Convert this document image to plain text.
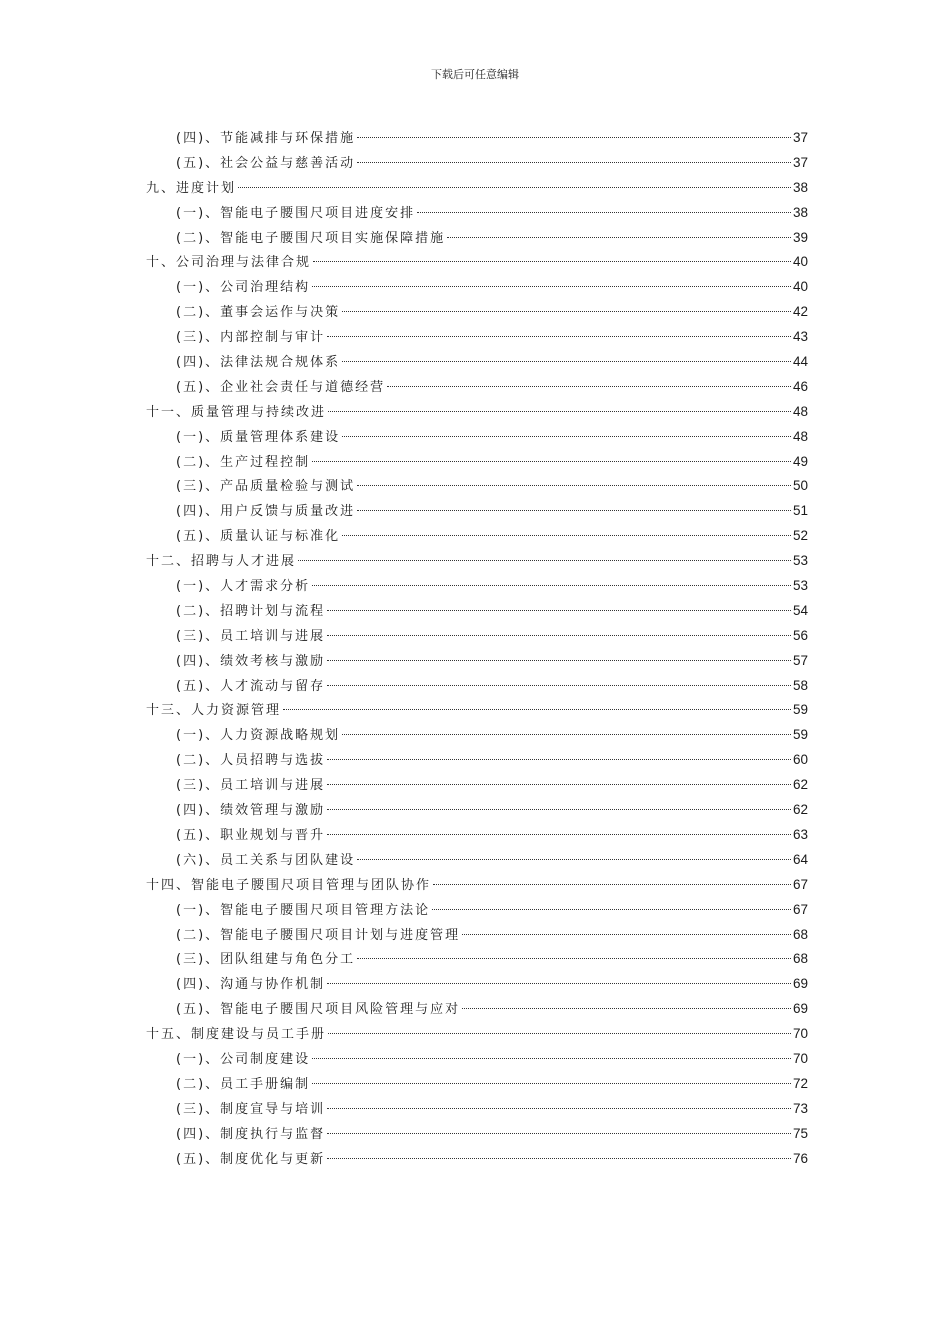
下载后可任意编辑
(四)、节能减排与环保措施	37
(五)、社会公益与慈善活动	37
九、进度计划	38
(一)、智能电子腰围尺项目进度安排	38
(二)、智能电子腰围尺项目实施保障措施	39
十、公司治理与法律合规	40
(一)、公司治理结构	40
(二)、董事会运作与决策	42
(三)、内部控制与审计	43
(四)、法律法规合规体系	44
(五)、企业社会责任与道德经营	46
十一、质量管理与持续改进	48
(一)、质量管理体系建设	48
(二)、生产过程控制	49
(三)、产品质量检验与测试	50
(四)、用户反馈与质量改进	51
(五)、质量认证与标准化	52
十二、招聘与人才进展	53
(一)、人才需求分析	53
(二)、招聘计划与流程	54
(三)、员工培训与进展	56
(四)、绩效考核与激励	57
(五)、人才流动与留存	58
十三、人力资源管理	59
(一)、人力资源战略规划	59
(二)、人员招聘与选拔	60
(三)、员工培训与进展	62
(四)、绩效管理与激励	62
(五)、职业规划与晋升	63
(六)、员工关系与团队建设	64
十四、智能电子腰围尺项目管理与团队协作	67
(一)、智能电子腰围尺项目管理方法论	67
(二)、智能电子腰围尺项目计划与进度管理	68
(三)、团队组建与角色分工	68
(四)、沟通与协作机制	69
(五)、智能电子腰围尺项目风险管理与应对	69
十五、制度建设与员工手册	70
(一)、公司制度建设	70
(二)、员工手册编制	72
(三)、制度宣导与培训	73
(四)、制度执行与监督	75
(五)、制度优化与更新	76
